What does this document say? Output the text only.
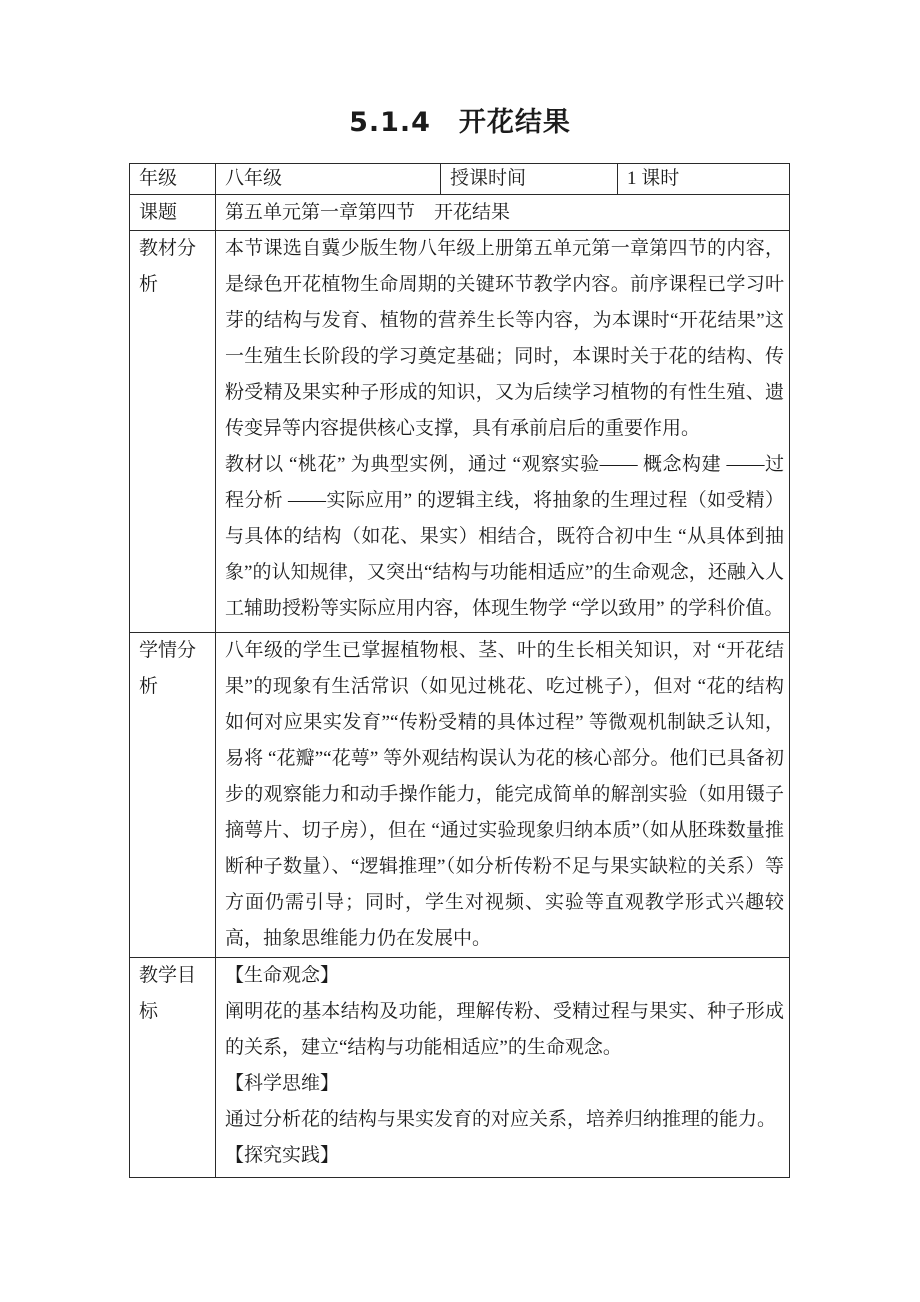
5.1.4　开花结果
年级	八年级	授课时间	1 课时
课题	第五单元第一章第四节　开花结果		
教材分析	本节课选自冀少版生物八年级上册第五单元第一章第四节的内容，是绿色开花植物生命周期的关键环节教学内容。前序课程已学习叶芽的结构与发育、植物的营养生长等内容，为本课时“开花结果”这一生殖生长阶段的学习奠定基础；同时，本课时关于花的结构、传粉受精及果实种子形成的知识，又为后续学习植物的有性生殖、遗传变异等内容提供核心支撑，具有承前启后的重要作用。

教材以 “桃花” 为典型实例，通过 “观察实验—— 概念构建 ——过程分析 ——实际应用” 的逻辑主线，将抽象的生理过程（如受精）与具体的结构（如花、果实）相结合，既符合初中生 “从具体到抽象”的认知规律，又突出“结构与功能相适应”的生命观念，还融入人工辅助授粉等实际应用内容，体现生物学 “学以致用” 的学科价值。		

学情分析	八年级的学生已掌握植物根、茎、叶的生长相关知识，对 “开花结果”的现象有生活常识（如见过桃花、吃过桃子），但对 “花的结构如何对应果实发育”“传粉受精的具体过程” 等微观机制缺乏认知，易将 “花瓣”“花萼” 等外观结构误认为花的核心部分。他们已具备初步的观察能力和动手操作能力，能完成简单的解剖实验（如用镊子摘萼片、切子房），但在 “通过实验现象归纳本质”（如从胚珠数量推断种子数量）、“逻辑推理”（如分析传粉不足与果实缺粒的关系）等方面仍需引导；同时，学生对视频、实验等直观教学形式兴趣较高，抽象思维能力仍在发展中。		

教学目标	【生命观念】

阐明花的基本结构及功能，理解传粉、受精过程与果实、种子形成的关系，建立“结构与功能相适应”的生命观念。

【科学思维】

通过分析花的结构与果实发育的对应关系，培养归纳推理的能力。

【探究实践】		
